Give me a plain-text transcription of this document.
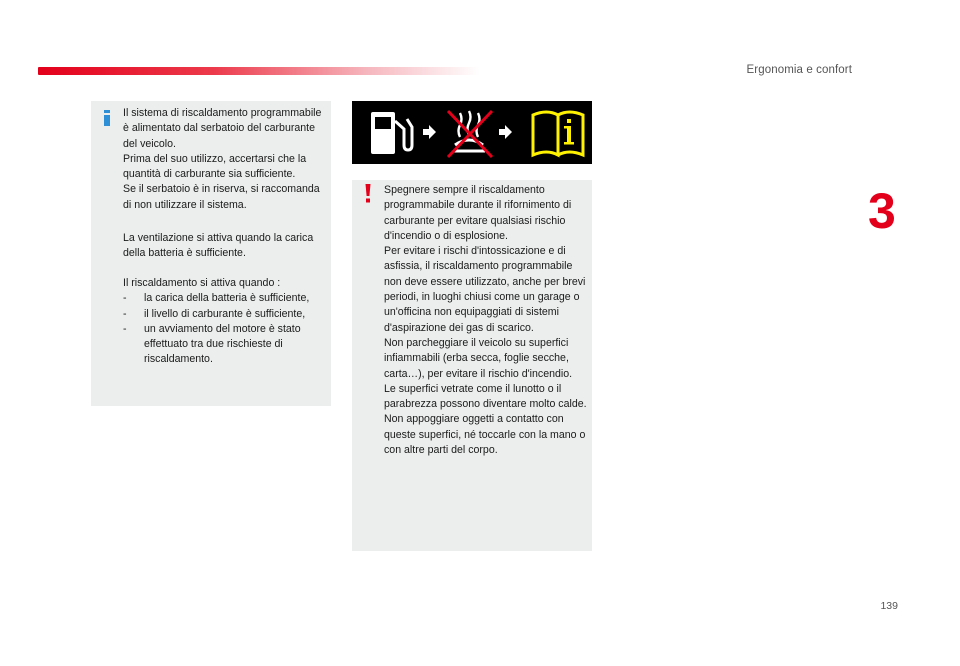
Ergonomia e confort
3

Il sistema di riscaldamento programmabile è alimentato dal serbatoio del carburante del veicolo.

Prima del suo utilizzo, accertarsi che la quantità di carburante sia sufficiente.

Se il serbatoio è in riserva, si raccomanda di non utilizzare il sistema.

La ventilazione si attiva quando la carica della batteria è sufficiente.

Il riscaldamento si attiva quando :

-	la carica della batteria è sufficiente,
-	il livello di carburante è sufficiente,
-	un avviamento del motore è stato effettuato tra due rischieste di riscaldamento.

Spegnere sempre il riscaldamento programmabile durante il rifornimento di carburante per evitare qualsiasi rischio d'incendio o di esplosione.

Per evitare i rischi d'intossicazione e di asfissia, il riscaldamento programmabile non deve essere utilizzato, anche per brevi periodi, in luoghi chiusi come un garage o un'officina non equipaggiati di sistemi d'aspirazione dei gas di scarico.

Non parcheggiare il veicolo su superfici infiammabili (erba secca, foglie secche, carta…), per evitare il rischio d'incendio.

Le superfici vetrate come il lunotto o il parabrezza possono diventare molto calde.

Non appoggiare oggetti a contatto con queste superfici, né toccarle con la mano o con altre parti del corpo.

139
